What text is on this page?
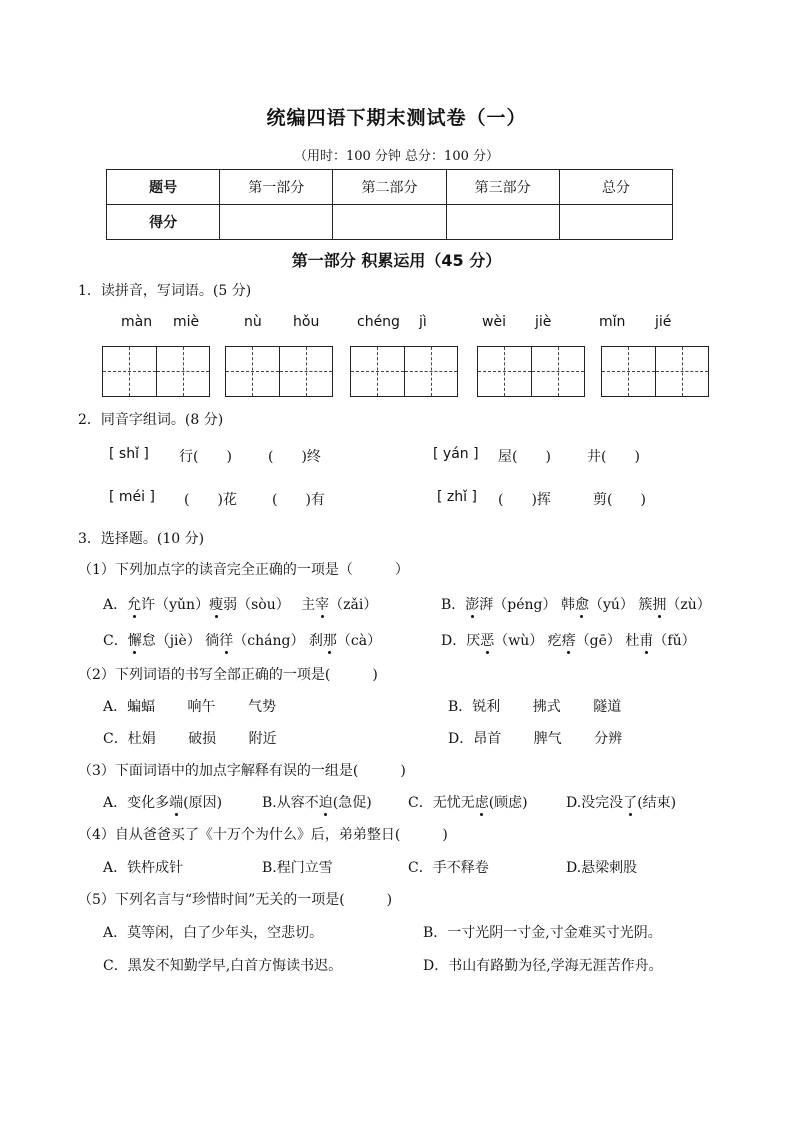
统编四语下期末测试卷（一）
（用时：100 分钟 总分：100 分）
题号	第一部分	第二部分	第三部分	总分
得分				
第一部分 积累运用（45 分）
1．读拼音，写词语。(5 分)
màn miè	nù hǒu	chéng jì	wèi jiè	mǐn jié
2．同音字组词。(8 分)
[ shǐ ] 行(　　)	(　　)终	[ yán ] 屋(　　)	井(　　)
[ méi ] (　　)花	(　　)有	[ zhǐ ] (　　)挥	剪(　　)
3．选择题。(10 分)
（1）下列加点字的读音完全正确的一项是（　　　）
A．允许（yǔn）瘦弱（sòu）　 主宰（zǎi）	B．澎湃（péng） 韩愈（yú） 簇拥（zù）
C．懈怠（jiè） 徜徉（cháng） 刹那（cà）	D．厌恶（wù） 疙瘩（gē） 杜甫（fǔ）
（2）下列词语的书写全部正确的一项是(　　　)
A．蝙蝠　　 响午　　 气势	B．锐利　　 拂式　　 隧道
C．杜娟　　 破损　　 附近	D．昂首　　 脾气　　 分辨
（3）下面词语中的加点字解释有误的一组是(　　　)
A．变化多端(原因)	B.从容不迫(急促)	C．无忧无虑(顾虑)	D.没完没了(结束)
（4）自从爸爸买了《十万个为什么》后，弟弟整日(　　　)
A．铁杵成针	B.程门立雪	C．手不释卷	D.悬梁刺股
（5）下列名言与“珍惜时间”无关的一项是(　　　)
A．莫等闲，白了少年头，空悲切。	B．一寸光阴一寸金,寸金难买寸光阴。
C．黑发不知勤学早,白首方悔读书迟。	D．书山有路勤为径,学海无涯苦作舟。
